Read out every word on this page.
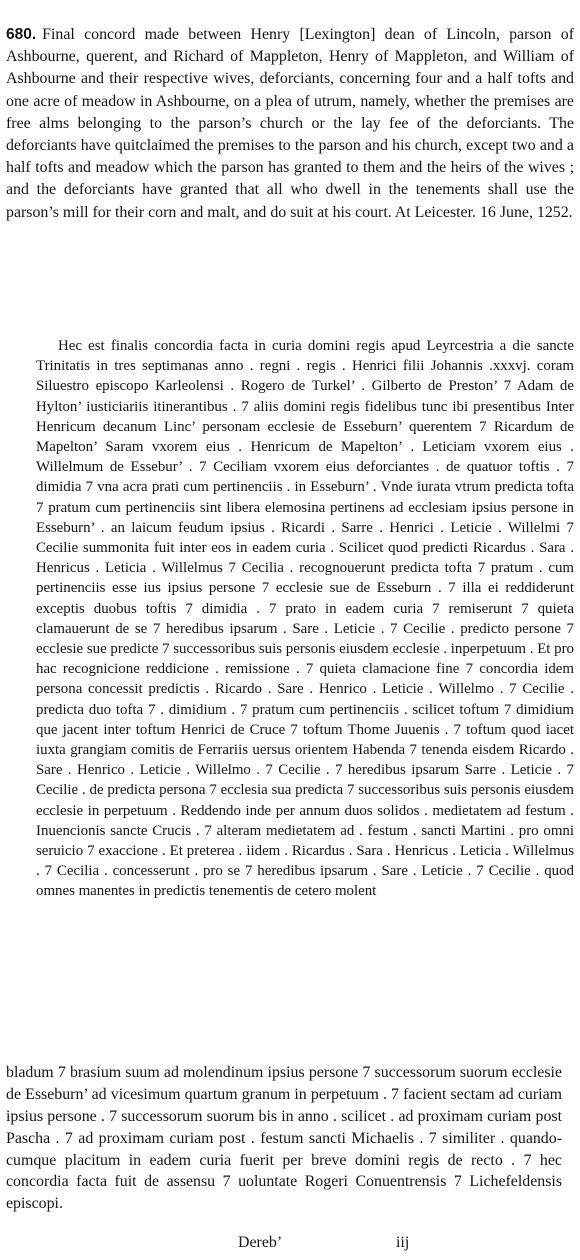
680. Final concord made between Henry [Lexington] dean of Lincoln, parson of Ashbourne, querent, and Richard of Mappleton, Henry of Mappleton, and William of Ashbourne and their respective wives, deforciants, concerning four and a half tofts and one acre of meadow in Ashbourne, on a plea of utrum, namely, whether the premises are free alms belonging to the parson’s church or the lay fee of the deforciants. The deforciants have quitclaimed the premises to the parson and his church, except two and a half tofts and meadow which the parson has granted to them and the heirs of the wives ; and the deforciants have granted that all who dwell in the tenements shall use the parson’s mill for their corn and malt, and do suit at his court. At Leicester. 16 June, 1252.

Hec est finalis concordia facta in curia domini regis apud Leyrcestria a die sancte Trinitatis in tres septimanas anno . regni . regis . Henrici filii Johannis .xxxvj. coram Siluestro episcopo Karleolensi . Rogero de Turkel’ . Gilberto de Preston’ 7 Adam de Hylton’ iusticiariis itinerantibus . 7 aliis domini regis fidelibus tunc ibi presentibus Inter Henricum decanum Linc’ personam ecclesie de Esseburn’ querentem 7 Ricardum de Mapelton’ Saram vxorem eius . Henricum de Mapelton’ . Leticiam vxorem eius . Willelmum de Essebur’ . 7 Ceciliam vxorem eius deforciantes . de quatuor toftis . 7 dimidia 7 vna acra prati cum pertinenciis . in Esseburn’ . Vnde iurata vtrum predicta tofta 7 pratum cum pertinenciis sint libera elemosina pertinens ad ecclesiam ipsius persone in Esseburn’ . an laicum feudum ipsius . Ricardi . Sarre . Henrici . Leticie . Willelmi 7 Cecilie summonita fuit inter eos in eadem curia . Scilicet quod predicti Ricardus . Sara . Henricus . Leticia . Willelmus 7 Cecilia . recognouerunt predicta tofta 7 pratum . cum pertinenciis esse ius ipsius persone 7 ecclesie sue de Esseburn . 7 illa ei reddiderunt exceptis duobus toftis 7 dimidia . 7 prato in eadem curia 7 remiserunt 7 quieta clamauerunt de se 7 heredibus ipsarum . Sare . Leticie . 7 Cecilie . predicto persone 7 ecclesie sue predicte 7 successoribus suis personis eiusdem ecclesie . inperpetuum . Et pro hac recognicione reddicione . remissione . 7 quieta clamacione fine 7 concordia idem persona concessit predictis . Ricardo . Sare . Henrico . Leticie . Willelmo . 7 Cecilie . predicta duo tofta 7 . dimidium . 7 pratum cum pertinenciis . scilicet toftum 7 dimidium que jacent inter toftum Henrici de Cruce 7 toftum Thome Juuenis . 7 toftum quod iacet iuxta grangiam comitis de Ferrariis uersus orientem Habenda 7 tenenda eisdem Ricardo . Sare . Henrico . Leticie . Willelmo . 7 Cecilie . 7 heredibus ipsarum Sarre . Leticie . 7 Cecilie . de predicta persona 7 ecclesia sua predicta 7 successoribus suis personis eiusdem ecclesie in perpetuum . Reddendo inde per annum duos solidos . medietatem ad festum . Inuencionis sancte Crucis . 7 alteram medietatem ad . festum . sancti Martini . pro omni seruicio 7 exaccione . Et preterea . iidem . Ricardus . Sara . Henricus . Leticia . Willelmus . 7 Cecilia . concesserunt . pro se 7 heredibus ipsarum . Sare . Leticie . 7 Cecilie . quod omnes manentes in predictis tenementis de cetero molent

bladum 7 brasium suum ad molendinum ipsius persone 7 successorum suorum ecclesie de Esseburn’ ad vicesimum quartum granum in perpetuum . 7 facient sectam ad curiam ipsius persone . 7 successorum suorum bis in anno . scilicet . ad proximam curiam post Pascha . 7 ad proximam curiam post . festum sancti Michaelis . 7 similiter . quando-cumque placitum in eadem curia fuerit per breve domini regis de recto . 7 hec concordia facta fuit de assensu 7 uoluntate Rogeri Conuentrensis 7 Lichefeldensis episcopi.

Dereb’	iij
